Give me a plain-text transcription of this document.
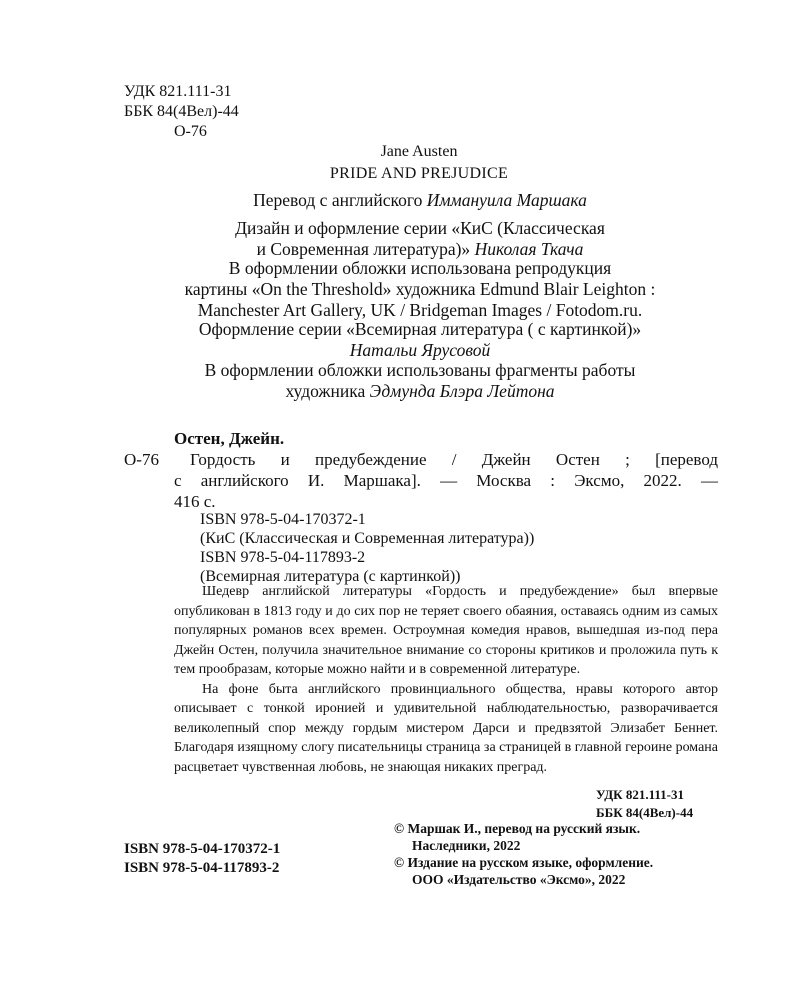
УДК 821.111-31
ББК 84(4Вел)-44
О-76
Jane Austen
PRIDE AND PREJUDICE
Перевод с английского Иммануила Маршака
Дизайн и оформление серии «КиС (Классическая
и Современная литература)» Николая Ткача
В оформлении обложки использована репродукция
картины «On the Threshold» художника Edmund Blair Leighton :
Manchester Art Gallery, UK / Bridgeman Images / Fotodom.ru.
Оформление серии «Всемирная литература ( с картинкой)»
Натальи Ярусовой
В оформлении обложки использованы фрагменты работы
художника Эдмунда Блэра Лейтона
Остен, Джейн.
О-76 Гордость и предубеждение / Джейн Остен ; [перевод
с английского И. Маршака]. — Москва : Эксмо, 2022. —
416 с.
ISBN 978-5-04-170372-1
(КиС (Классическая и Современная литература))
ISBN 978-5-04-117893-2
(Всемирная литература (с картинкой))
Шедевр английской литературы «Гордость и предубеждение» был впервые опубликован в 1813 году и до сих пор не теряет своего обаяния, оставаясь одним из самых популярных романов всех времен. Остроумная комедия нравов, вышедшая из-под пера Джейн Остен, получила значительное внимание со стороны критиков и проложила путь к тем прообразам, которые можно найти и в современной литературе.
На фоне быта английского провинциального общества, нравы которого автор описывает с тонкой иронией и удивительной наблюдательностью, разворачивается великолепный спор между гордым мистером Дарси и предвзятой Элизабет Беннет. Благодаря изящному слогу писательницы страница за страницей в главной героине романа расцветает чувственная любовь, не знающая никаких преград.
УДК 821.111-31
ББК 84(4Вел)-44
ISBN 978-5-04-170372-1
ISBN 978-5-04-117893-2
© Маршак И., перевод на русский язык.
Наследники, 2022
© Издание на русском языке, оформление.
ООО «Издательство «Эксмо», 2022
